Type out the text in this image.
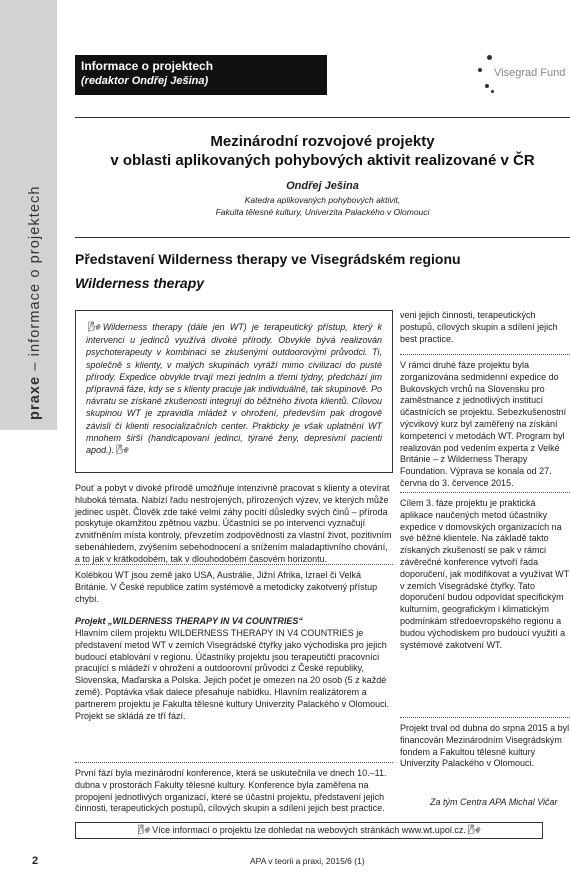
praxe – informace o projektech
Informace o projektech
(redaktor Ondřej Ješina)
Visegrad Fund
Mezinárodní rozvojové projekty
v oblasti aplikovaných pohybových aktivit realizované v ČR
Ondřej Ješina
Katedra aplikovaných pohybových aktivit,
Fakulta tělesné kultury, Univerzita Palackého v Olomouci
Představení Wilderness therapy ve Visegrádském regionu
Wilderness therapy
🌬 Wilderness therapy (dále jen WT) je terapeutický přístup, který k intervenci u jedinců využívá divoké přírody. Obvykle bývá realizován psychoterapeuty v kombinaci se zkušenými outdoorovými průvodci. Ti, společně s klienty, v malých skupinách vyráží mimo civilizaci do pusté přírody. Expedice obvykle trvají mezi jedním a třemi týdny, předchází jim přípravná fáze, kdy se s klienty pracuje jak individuálně, tak skupinově. Po návratu se získané zkušenosti integrují do běžného života klientů. Cílovou skupinou WT je zpravidla mládež v ohrožení, především pak drogově závislí či klienti resocializačních center. Prakticky je však uplatnění WT mnohem širší (handicapovaní jedinci, týrané ženy, depresivní pacienti apod.). 🌬
Pouť a pobyt v divoké přírodě umožňuje intenzivně pracovat s klienty a otevírat hluboká témata. Nabízí řadu nestrojených, přirozených výzev, ve kterých může jedinec uspět. Člověk zde také velmi záhy pocítí důsledky svých činů – příroda poskytuje okamžitou zpětnou vazbu. Účastníci se po intervenci vyznačují zvnitřněním místa kontroly, převzetím zodpovědnosti za vlastní život, pozitivním sebenáhledem, zvýšením sebehodnocení a snížením maladaptivního chování, a to jak v krátkodobém, tak v dlouhodobém časovém horizontu.
Kolébkou WT jsou země jako USA, Austrálie, Jižní Afrika, Izrael či Velká Británie. V České republice zatím systémově a metodicky zakotvený přístup chybí.
Projekt „WILDERNESS THERAPY IN V4 COUNTRIES“
Hlavním cílem projektu WILDERNESS THERAPY IN V4 COUNTRIES je představení metod WT v zemích Visegrádské čtyřky jako východiska pro jejich budoucí etablování v regionu. Účastníky projektu jsou terapeutičtí pracovníci pracující s mládeží v ohrožení a outdoorovní průvodci z České republiky, Slovenska, Maďarska a Polska. Jejich počet je omezen na 20 osob (5 z každé země). Poptávka však dalece přesahuje nabídku. Hlavním realizátorem a partnerem projektu je Fakulta tělesné kultury Univerzity Palackého v Olomouci. Projekt se skládá ze tří fází.
První fází byla mezinárodní konference, která se uskutečnila ve dnech 10.–11. dubna v prostorách Fakulty tělesné kultury. Konference byla zaměřena na propojení jednotlivých organizací, které se účastní projektu, představení jejich činnosti, terapeutických postupů, cílových skupin a sdílení jejich best practice.
veni jejich činnosti, terapeutických postupů, cílových skupin a sdílení jejich best practice.
V rámci druhé fáze projektu byla zorganizována sedmidenní expedice do Bukovských vrchů na Slovensku pro zaměstnance z jednotlivých institucí účastnících se projektu. Sebezkušenostní výcvikový kurz byl zaměřený na získání kompetencí v metodách WT. Program byl realizován pod vedením experta z Velké Británie – z Wilderness Therapy Foundation. Výprava se konala od 27. června do 3. července 2015.
Cílem 3. fáze projektu je praktická aplikace naučených metod účastníky expedice v domovských organizacích na své běžné klientele. Na základě takto získaných zkušeností se pak v rámci závěrečné konference vytvoří řada doporučení, jak modifikovat a využívat WT v zemích Visegrádské čtyřky. Tato doporučení budou odpovídat specifickým kulturním, geografickým i klimatickým podmínkám středoevropského regionu a budou východiskem pro budoucí využití a systémové zakotvení WT.
Projekt trval od dubna do srpna 2015 a byl financován Mezinárodním Visegrádským fondem a Fakultou tělesné kultury Univerzity Palackého v Olomouci.
Za tým Centra APA Michal Vičar
🌬 Více informací o projektu lze dohledat na webových stránkách www.wt.upol.cz. 🌬
2	APA v teorii a praxi, 2015/6 (1)
